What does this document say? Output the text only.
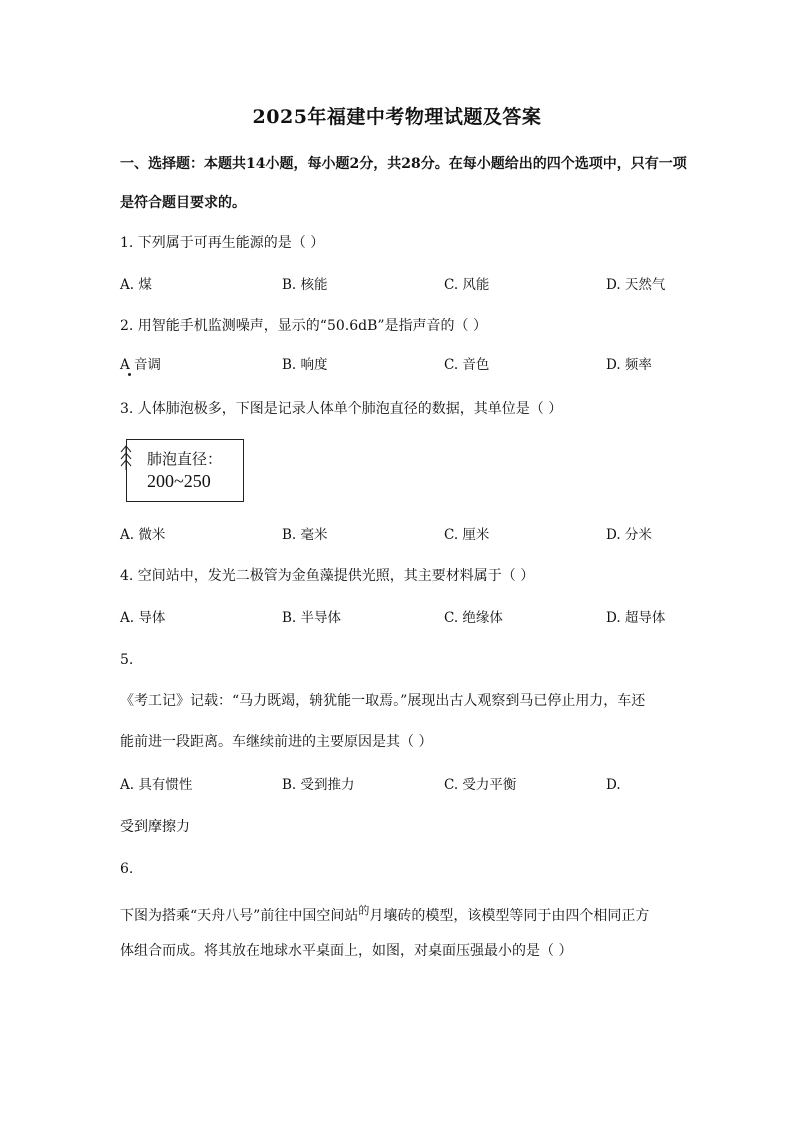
2025年福建中考物理试题及答案
一、选择题：本题共14小题，每小题2分，共28分。在每小题给出的四个选项中，只有一项
是符合题目要求的。
1. 下列属于可再生能源的是（ ）
A. 煤	B. 核能	C. 风能	D. 天然气
2. 用智能手机监测噪声，显示的“50.6dB”是指声音的（ ）
A 音调	B. 响度	C. 音色	D. 频率
3. 人体肺泡极多，下图是记录人体单个肺泡直径的数据，其单位是（ ）
肺泡直径：
200~250
A. 微米	B. 毫米	C. 厘米	D. 分米
4. 空间站中，发光二极管为金鱼藻提供光照，其主要材料属于（ ）
A. 导体	B. 半导体	C. 绝缘体	D. 超导体
5.
《考工记》记载：“马力既竭，辀犹能一取焉。”展现出古人观察到马已停止用力，车还
能前进一段距离。车继续前进的主要原因是其（ ）
A. 具有惯性	B. 受到推力	C. 受力平衡	D.
受到摩擦力
6.
下图为搭乘“天舟八号”前往中国空间站$^的$月壤砖的模型，该模型等同于由四个相同正方
体组合而成。将其放在地球水平桌面上，如图，对桌面压强最小的是（ ）
